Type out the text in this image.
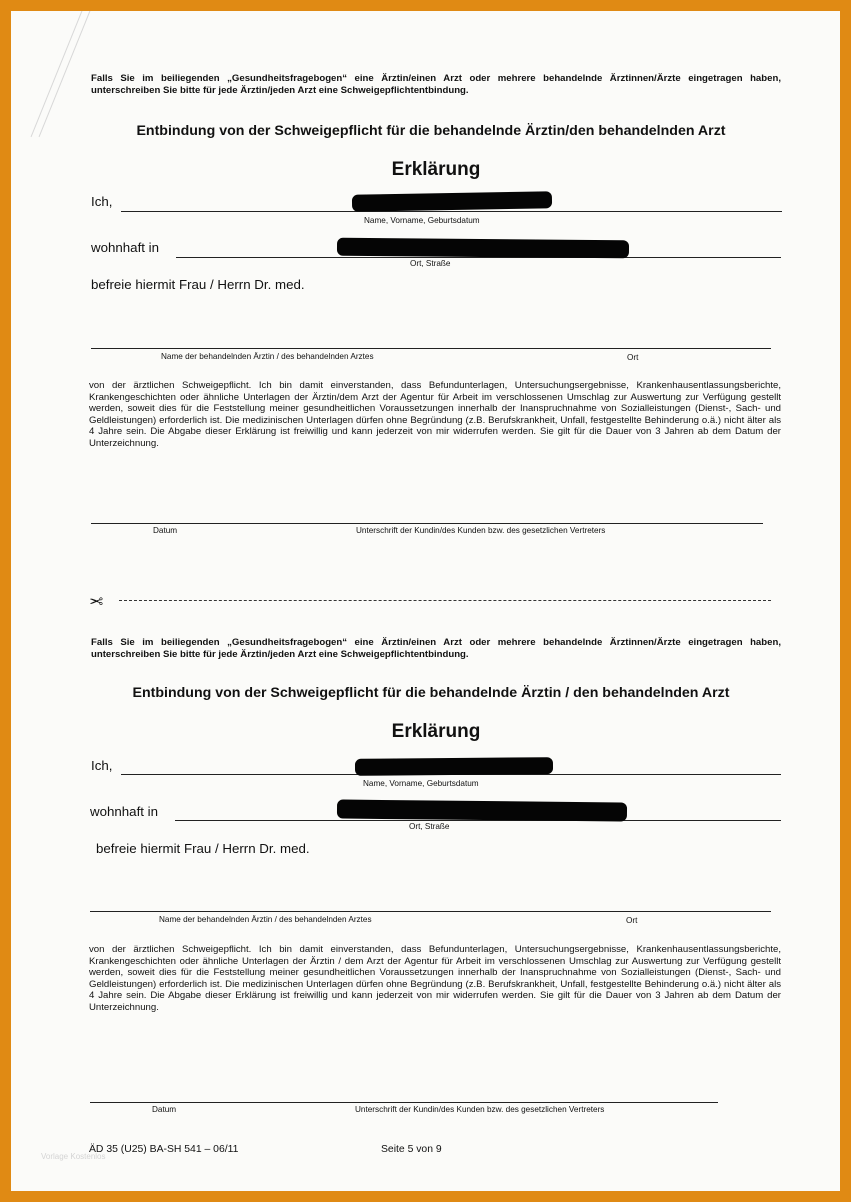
Falls Sie im beiliegenden „Gesundheitsfragebogen“ eine Ärztin/einen Arzt oder mehrere behandelnde Ärztinnen/Ärzte eingetragen haben, unterschreiben Sie bitte für jede Ärztin/jeden Arzt eine Schweigepflichtentbindung.
Entbindung von der Schweigepflicht für die behandelnde Ärztin/den behandelnden Arzt
Erklärung
Ich,
Name, Vorname, Geburtsdatum
wohnhaft in
Ort, Straße
befreie hiermit Frau / Herrn Dr. med.
Name der behandelnden Ärztin / des behandelnden Arztes	Ort
von der ärztlichen Schweigepflicht. Ich bin damit einverstanden, dass Befundunterlagen, Untersuchungsergebnisse, Krankenhausentlassungsberichte, Krankengeschichten oder ähnliche Unterlagen der Ärztin/dem Arzt der Agentur für Arbeit im verschlossenen Umschlag zur Auswertung zur Verfügung gestellt werden, soweit dies für die Feststellung meiner gesundheitlichen Voraussetzungen innerhalb der Inanspruchnahme von Sozialleistungen (Dienst-, Sach- und Geldleistungen) erforderlich ist. Die medizinischen Unterlagen dürfen ohne Begründung (z.B. Berufskrankheit, Unfall, festgestellte Behinderung o.ä.) nicht älter als 4 Jahre sein. Die Abgabe dieser Erklärung ist freiwillig und kann jederzeit von mir widerrufen werden. Sie gilt für die Dauer von 3 Jahren ab dem Datum der Unterzeichnung.
Datum	Unterschrift der Kundin/des Kunden bzw. des gesetzlichen Vertreters
✂
Falls Sie im beiliegenden „Gesundheitsfragebogen“ eine Ärztin/einen Arzt oder mehrere behandelnde Ärztinnen/Ärzte eingetragen haben, unterschreiben Sie bitte für jede Ärztin/jeden Arzt eine Schweigepflichtentbindung.
Entbindung von der Schweigepflicht für die behandelnde Ärztin / den behandelnden Arzt
Erklärung
Ich,
Name, Vorname, Geburtsdatum
wohnhaft in
Ort, Straße
befreie hiermit Frau / Herrn Dr. med.
Name der behandelnden Ärztin / des behandelnden Arztes	Ort
von der ärztlichen Schweigepflicht. Ich bin damit einverstanden, dass Befundunterlagen, Untersuchungsergebnisse, Krankenhausentlassungsberichte, Krankengeschichten oder ähnliche Unterlagen der Ärztin / dem Arzt der Agentur für Arbeit im verschlossenen Umschlag zur Auswertung zur Verfügung gestellt werden, soweit dies für die Feststellung meiner gesundheitlichen Voraussetzungen innerhalb der Inanspruchnahme von Sozialleistungen (Dienst-, Sach- und Geldleistungen) erforderlich ist. Die medizinischen Unterlagen dürfen ohne Begründung (z.B. Berufskrankheit, Unfall, festgestellte Behinderung o.ä.) nicht älter als 4 Jahre sein. Die Abgabe dieser Erklärung ist freiwillig und kann jederzeit von mir widerrufen werden. Sie gilt für die Dauer von 3 Jahren ab dem Datum der Unterzeichnung.
Datum	Unterschrift der Kundin/des Kunden bzw. des gesetzlichen Vertreters
ÄD 35 (U25) BA-SH 541 – 06/11	Seite 5 von 9
Vorlage Kostenlos
